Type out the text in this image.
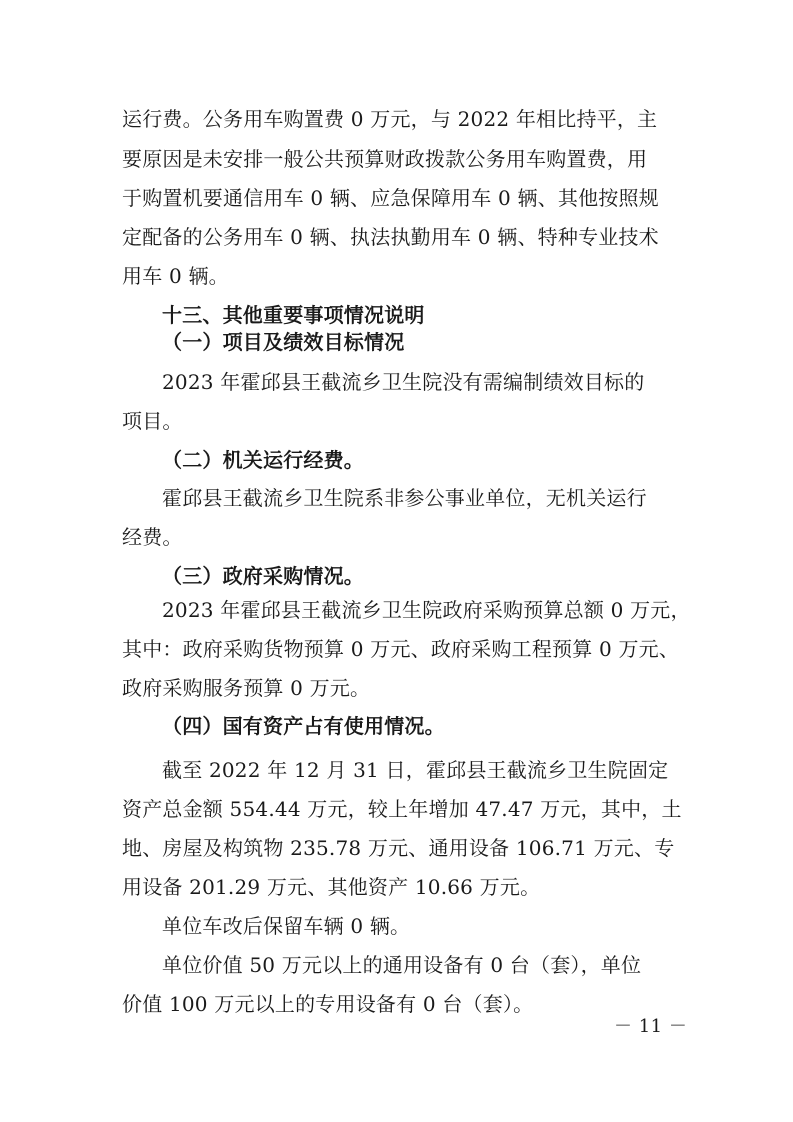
运行费。公务用车购置费 0 万元，与 2022 年相比持平，主
要原因是未安排一般公共预算财政拨款公务用车购置费，用
于购置机要通信用车 0 辆、应急保障用车 0 辆、其他按照规
定配备的公务用车 0 辆、执法执勤用车 0 辆、特种专业技术
用车 0 辆。
十三、其他重要事项情况说明
（一）项目及绩效目标情况
2023 年霍邱县王截流乡卫生院没有需编制绩效目标的
项目。
（二）机关运行经费。
霍邱县王截流乡卫生院系非参公事业单位，无机关运行
经费。
（三）政府采购情况。
2023 年霍邱县王截流乡卫生院政府采购预算总额 0 万元，
其中：政府采购货物预算 0 万元、政府采购工程预算 0 万元、
政府采购服务预算 0 万元。
（四）国有资产占有使用情况。
截至 2022 年 12 月 31 日，霍邱县王截流乡卫生院固定
资产总金额 554.44 万元，较上年增加 47.47 万元，其中，土
地、房屋及构筑物 235.78 万元、通用设备 106.71 万元、专
用设备 201.29 万元、其他资产 10.66 万元。
单位车改后保留车辆 0 辆。
单位价值 50 万元以上的通用设备有 0 台（套），单位
价值 100 万元以上的专用设备有 0 台（套）。
－ 11 －
